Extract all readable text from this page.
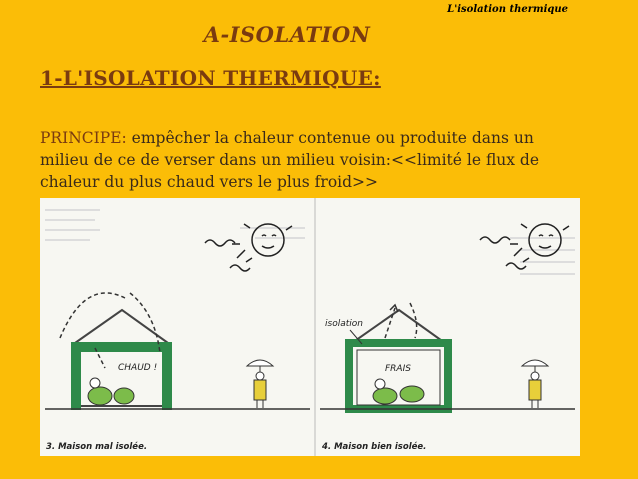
L'isolation thermique
A-ISOLATION
1-L'ISOLATION THERMIQUE:
PRINCIPE: empêcher la chaleur contenue ou produite dans un milieu de ce de verser dans un milieu voisin:<<limité le flux de chaleur du plus chaud vers le plus froid>>
CHAUD !
isolation
FRAIS
3. Maison mal isolée.	4. Maison bien isolée.
